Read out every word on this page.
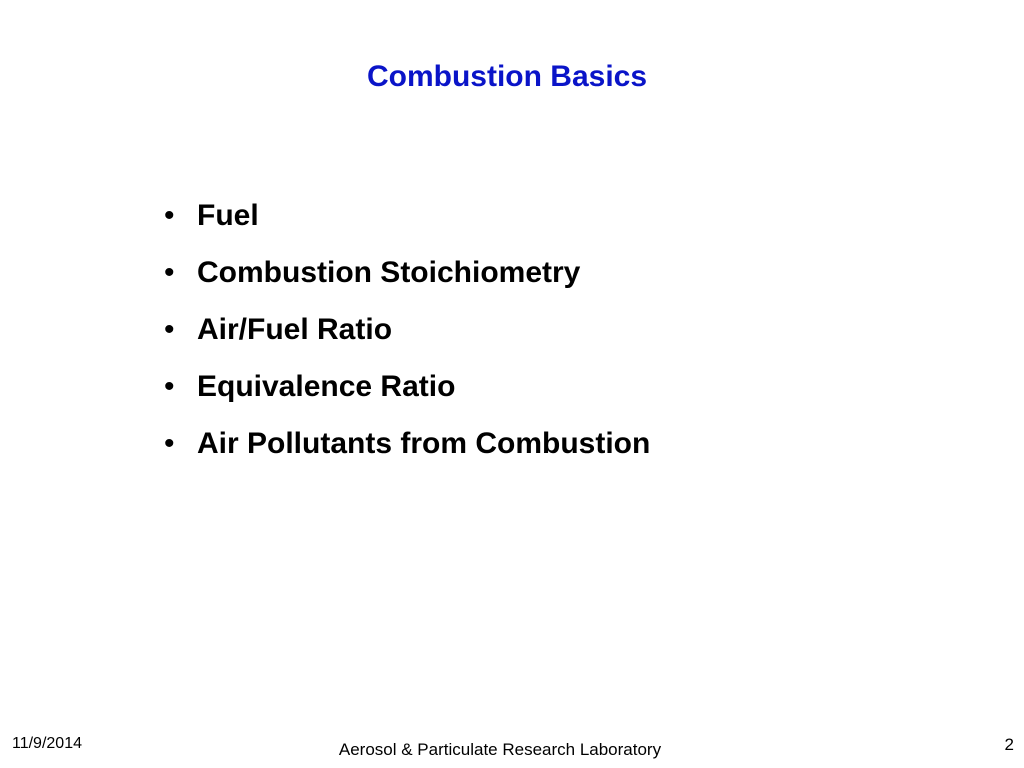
Combustion Basics
• Fuel
• Combustion Stoichiometry
• Air/Fuel Ratio
• Equivalence Ratio
• Air Pollutants from Combustion
11/9/2014	Aerosol & Particulate Research Laboratory	2
